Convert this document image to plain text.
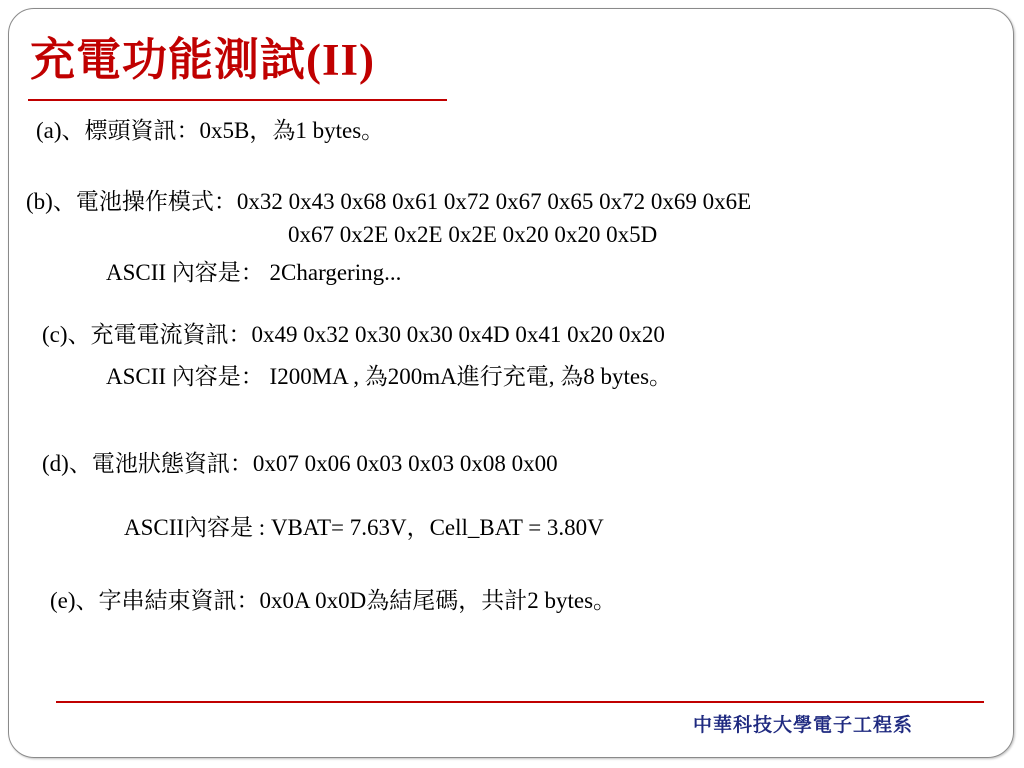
充電功能測試(II)
(a)、標頭資訊：0x5B，為1 bytes。
(b)、電池操作模式：0x32 0x43 0x68 0x61 0x72 0x67 0x65 0x72 0x69 0x6E
0x67 0x2E 0x2E 0x2E 0x20 0x20 0x5D
ASCII 內容是： 2Chargering...
(c)、充電電流資訊：0x49 0x32 0x30 0x30 0x4D 0x41 0x20 0x20
ASCII 內容是： I200MA , 為200mA進行充電, 為8 bytes。
(d)、電池狀態資訊：0x07 0x06 0x03 0x03 0x08 0x00
ASCII內容是 : VBAT= 7.63V，Cell_BAT = 3.80V
(e)、字串結束資訊：0x0A 0x0D為結尾碼，共計2 bytes。

中華科技大學電子工程系
